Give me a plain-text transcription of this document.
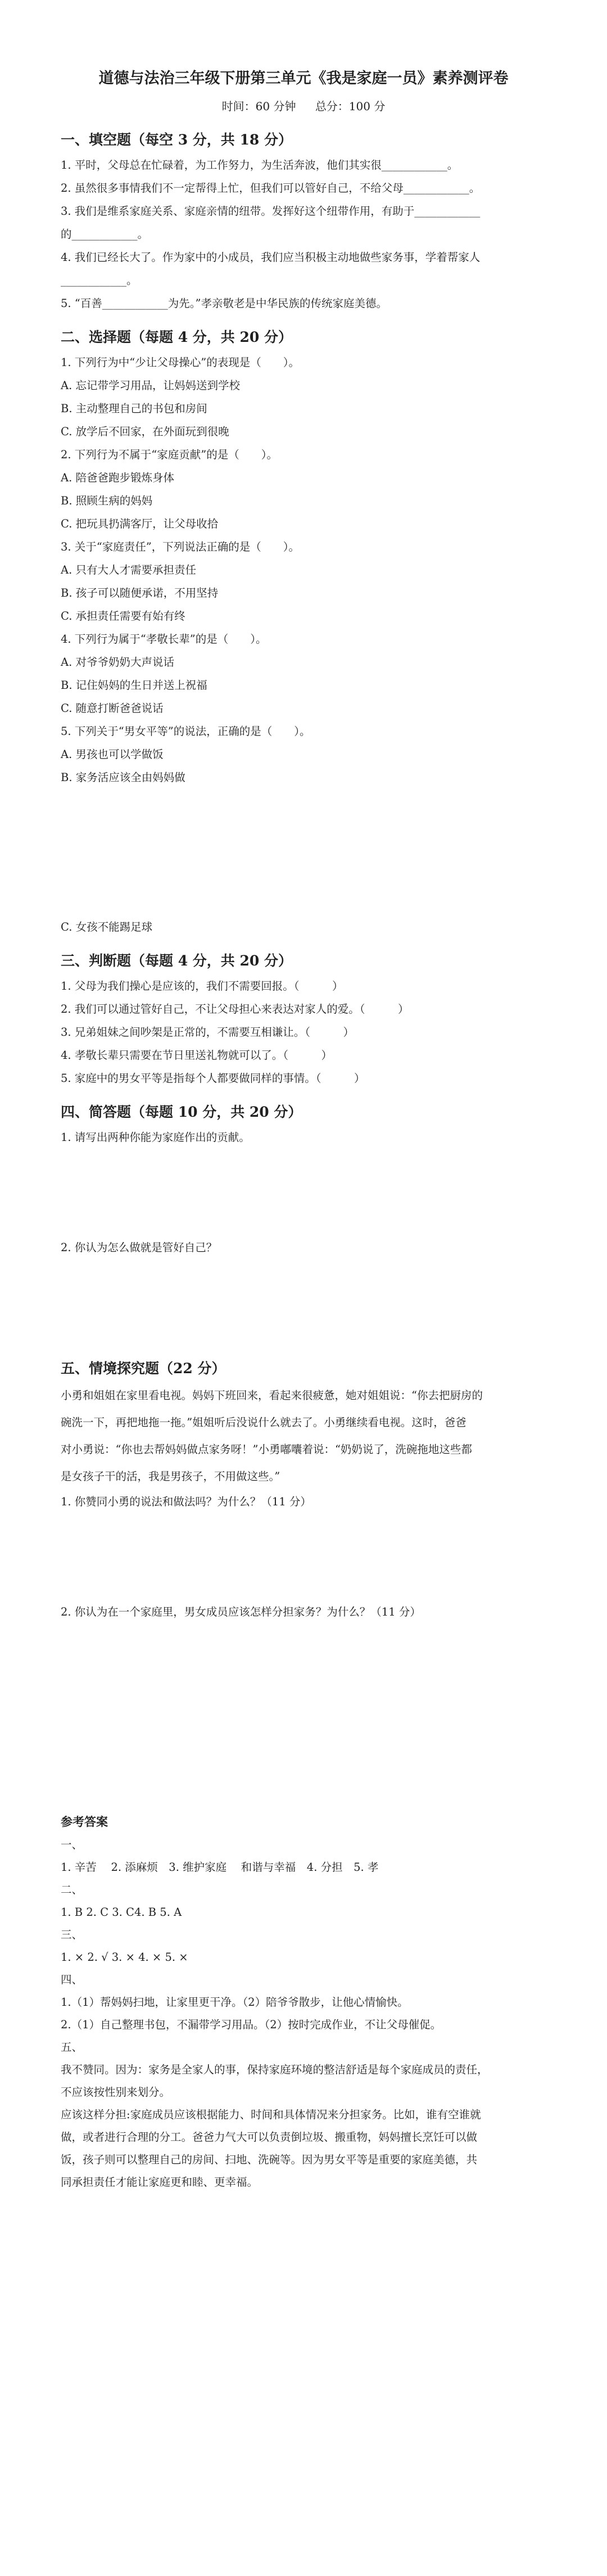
道德与法治三年级下册第三单元《我是家庭一员》素养测评卷
时间：60 分钟 总分：100 分
一、填空题（每空 3 分，共 18 分）
1. 平时，父母总在忙碌着，为工作努力，为生活奔波，他们其实很____________。
2. 虽然很多事情我们不一定帮得上忙，但我们可以管好自己，不给父母____________。
3. 我们是维系家庭关系、家庭亲情的纽带。发挥好这个纽带作用，有助于____________
的____________。
4. 我们已经长大了。作为家中的小成员，我们应当积极主动地做些家务事，学着帮家人
____________。
5. “百善____________为先。”孝亲敬老是中华民族的传统家庭美德。
二、选择题（每题 4 分，共 20 分）
1. 下列行为中“少让父母操心”的表现是（　　）。
A. 忘记带学习用品，让妈妈送到学校
B. 主动整理自己的书包和房间
C. 放学后不回家，在外面玩到很晚
2. 下列行为不属于“家庭贡献”的是（　　）。
A. 陪爸爸跑步锻炼身体
B. 照顾生病的妈妈
C. 把玩具扔满客厅，让父母收拾
3. 关于“家庭责任”，下列说法正确的是（　　）。
A. 只有大人才需要承担责任
B. 孩子可以随便承诺，不用坚持
C. 承担责任需要有始有终
4. 下列行为属于“孝敬长辈”的是（　　）。
A. 对爷爷奶奶大声说话
B. 记住妈妈的生日并送上祝福
C. 随意打断爸爸说话
5. 下列关于“男女平等”的说法，正确的是（　　）。
A. 男孩也可以学做饭
B. 家务活应该全由妈妈做
C. 女孩不能踢足球
三、判断题（每题 4 分，共 20 分）
1. 父母为我们操心是应该的，我们不需要回报。（　　　）
2. 我们可以通过管好自己，不让父母担心来表达对家人的爱。（　　　）
3. 兄弟姐妹之间吵架是正常的，不需要互相谦让。（　　　）
4. 孝敬长辈只需要在节日里送礼物就可以了。（　　　）
5. 家庭中的男女平等是指每个人都要做同样的事情。（　　　）
四、简答题（每题 10 分，共 20 分）
1. 请写出两种你能为家庭作出的贡献。
2. 你认为怎么做就是管好自己？
五、情境探究题（22 分）
小勇和姐姐在家里看电视。妈妈下班回来，看起来很疲惫，她对姐姐说：“你去把厨房的
碗洗一下，再把地拖一拖。”姐姐听后没说什么就去了。小勇继续看电视。这时，爸爸
对小勇说：“你也去帮妈妈做点家务呀！”小勇嘟囔着说：“奶奶说了，洗碗拖地这些都
是女孩子干的活，我是男孩子，不用做这些。”
1. 你赞同小勇的说法和做法吗？为什么？（11 分）
2. 你认为在一个家庭里，男女成员应该怎样分担家务？为什么？（11 分）
参考答案
一、
1. 辛苦　 2. 添麻烦　3. 维护家庭　 和谐与幸福　4. 分担　5. 孝
二、
1. B 2. C 3. C4. B 5. A
三、
1. × 2. √ 3. × 4. × 5. ×
四、
1.（1）帮妈妈扫地，让家里更干净。（2）陪爷爷散步，让他心情愉快。
2.（1）自己整理书包，不漏带学习用品。（2）按时完成作业，不让父母催促。
五、
我不赞同。因为：家务是全家人的事，保持家庭环境的整洁舒适是每个家庭成员的责任，
不应该按性别来划分。
应该这样分担:家庭成员应该根据能力、时间和具体情况来分担家务。比如，谁有空谁就
做，或者进行合理的分工。爸爸力气大可以负责倒垃圾、搬重物，妈妈擅长烹饪可以做
饭，孩子则可以整理自己的房间、扫地、洗碗等。因为男女平等是重要的家庭美德，共
同承担责任才能让家庭更和睦、更幸福。
